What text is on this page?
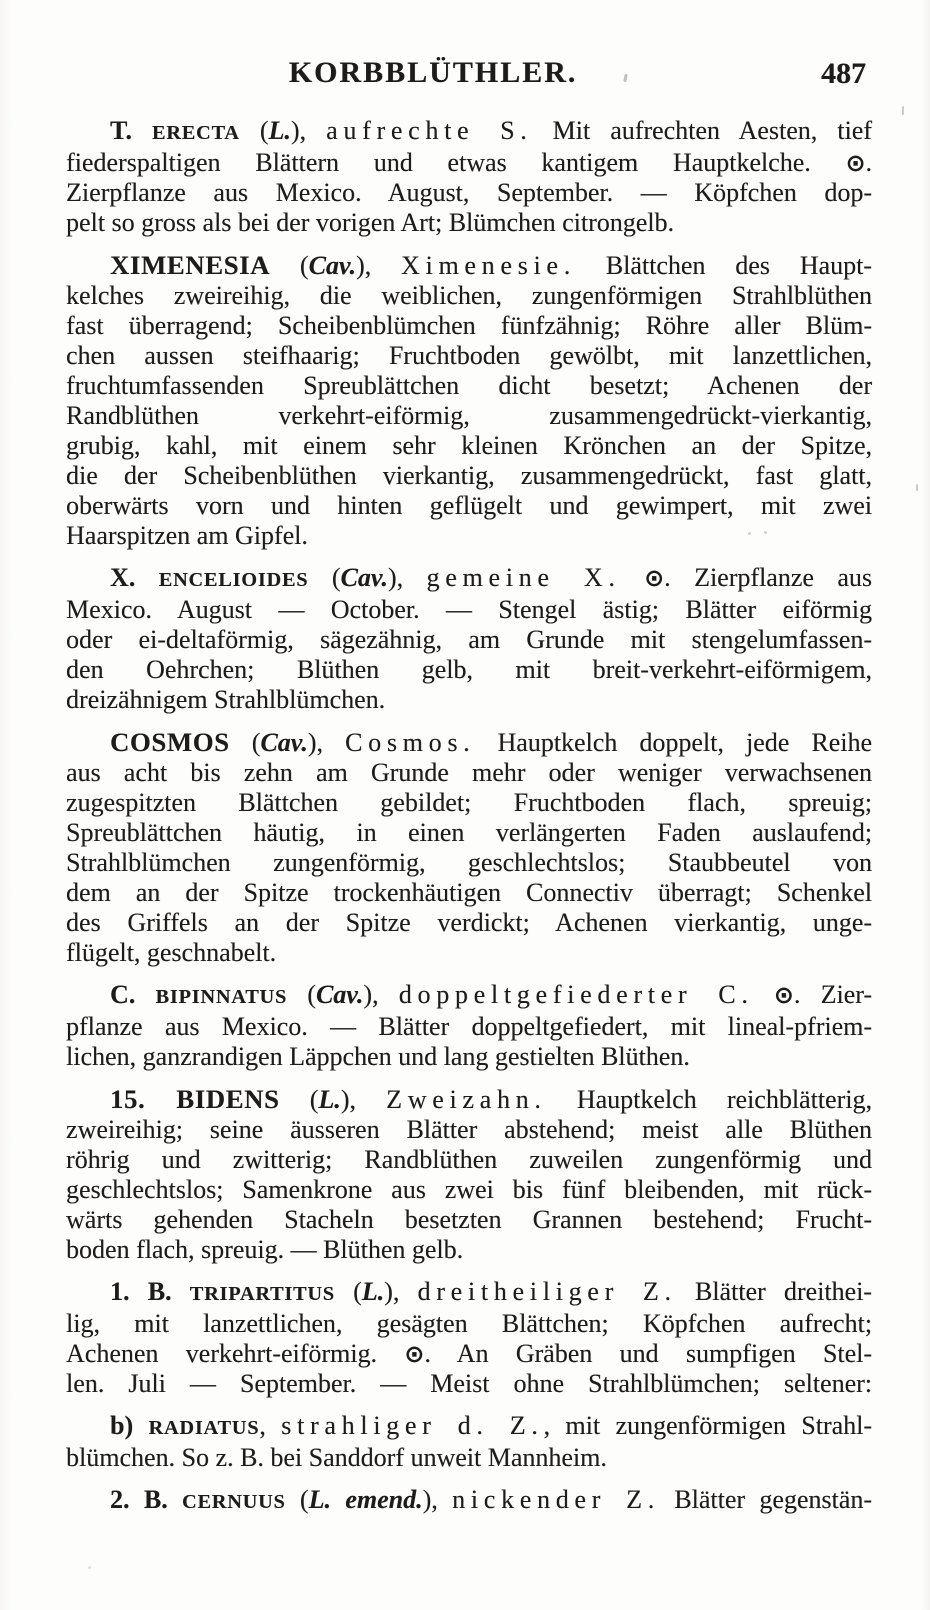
KORBBLÜTHLER.	487
T. ERECTA (L.), aufrechte S. Mit aufrechten Aesten, tief
fiederspaltigen Blättern und etwas kantigem Hauptkelche. ⊙.
Zierpflanze aus Mexico. August, September. — Köpfchen dop-
pelt so gross als bei der vorigen Art; Blümchen citrongelb.
XIMENESIA (Cav.), Ximenesie. Blättchen des Haupt-
kelches zweireihig, die weiblichen, zungenförmigen Strahlblüthen
fast überragend; Scheibenblümchen fünfzähnig; Röhre aller Blüm-
chen aussen steifhaarig; Fruchtboden gewölbt, mit lanzettlichen,
fruchtumfassenden Spreublättchen dicht besetzt; Achenen der
Randblüthen verkehrt-eiförmig, zusammengedrückt-vierkantig,
grubig, kahl, mit einem sehr kleinen Krönchen an der Spitze,
die der Scheibenblüthen vierkantig, zusammengedrückt, fast glatt,
oberwärts vorn und hinten geflügelt und gewimpert, mit zwei
Haarspitzen am Gipfel.
X. ENCELIOIDES (Cav.), gemeine X. ⊙. Zierpflanze aus
Mexico. August — October. — Stengel ästig; Blätter eiförmig
oder ei-deltaförmig, sägezähnig, am Grunde mit stengelumfassen-
den Oehrchen; Blüthen gelb, mit breit-verkehrt-eiförmigem,
dreizähnigem Strahlblümchen.
COSMOS (Cav.), Cosmos. Hauptkelch doppelt, jede Reihe
aus acht bis zehn am Grunde mehr oder weniger verwachsenen
zugespitzten Blättchen gebildet; Fruchtboden flach, spreuig;
Spreublättchen häutig, in einen verlängerten Faden auslaufend;
Strahlblümchen zungenförmig, geschlechtslos; Staubbeutel von
dem an der Spitze trockenhäutigen Connectiv überragt; Schenkel
des Griffels an der Spitze verdickt; Achenen vierkantig, unge-
flügelt, geschnabelt.
C. BIPINNATUS (Cav.), doppeltgefiederter C. ⊙. Zier-
pflanze aus Mexico. — Blätter doppeltgefiedert, mit lineal-pfriem-
lichen, ganzrandigen Läppchen und lang gestielten Blüthen.
15. BIDENS (L.), Zweizahn. Hauptkelch reichblätterig,
zweireihig; seine äusseren Blätter abstehend; meist alle Blüthen
röhrig und zwitterig; Randblüthen zuweilen zungenförmig und
geschlechtslos; Samenkrone aus zwei bis fünf bleibenden, mit rück-
wärts gehenden Stacheln besetzten Grannen bestehend; Frucht-
boden flach, spreuig. — Blüthen gelb.
1. B. TRIPARTITUS (L.), dreitheiliger Z. Blätter dreithei-
lig, mit lanzettlichen, gesägten Blättchen; Köpfchen aufrecht;
Achenen verkehrt-eiförmig. ⊙. An Gräben und sumpfigen Stel-
len. Juli — September. — Meist ohne Strahlblümchen; seltener:
b) RADIATUS, strahliger d. Z., mit zungenförmigen Strahl-
blümchen. So z. B. bei Sanddorf unweit Mannheim.
2. B. CERNUUS (L. emend.), nickender Z. Blätter gegenstän-
